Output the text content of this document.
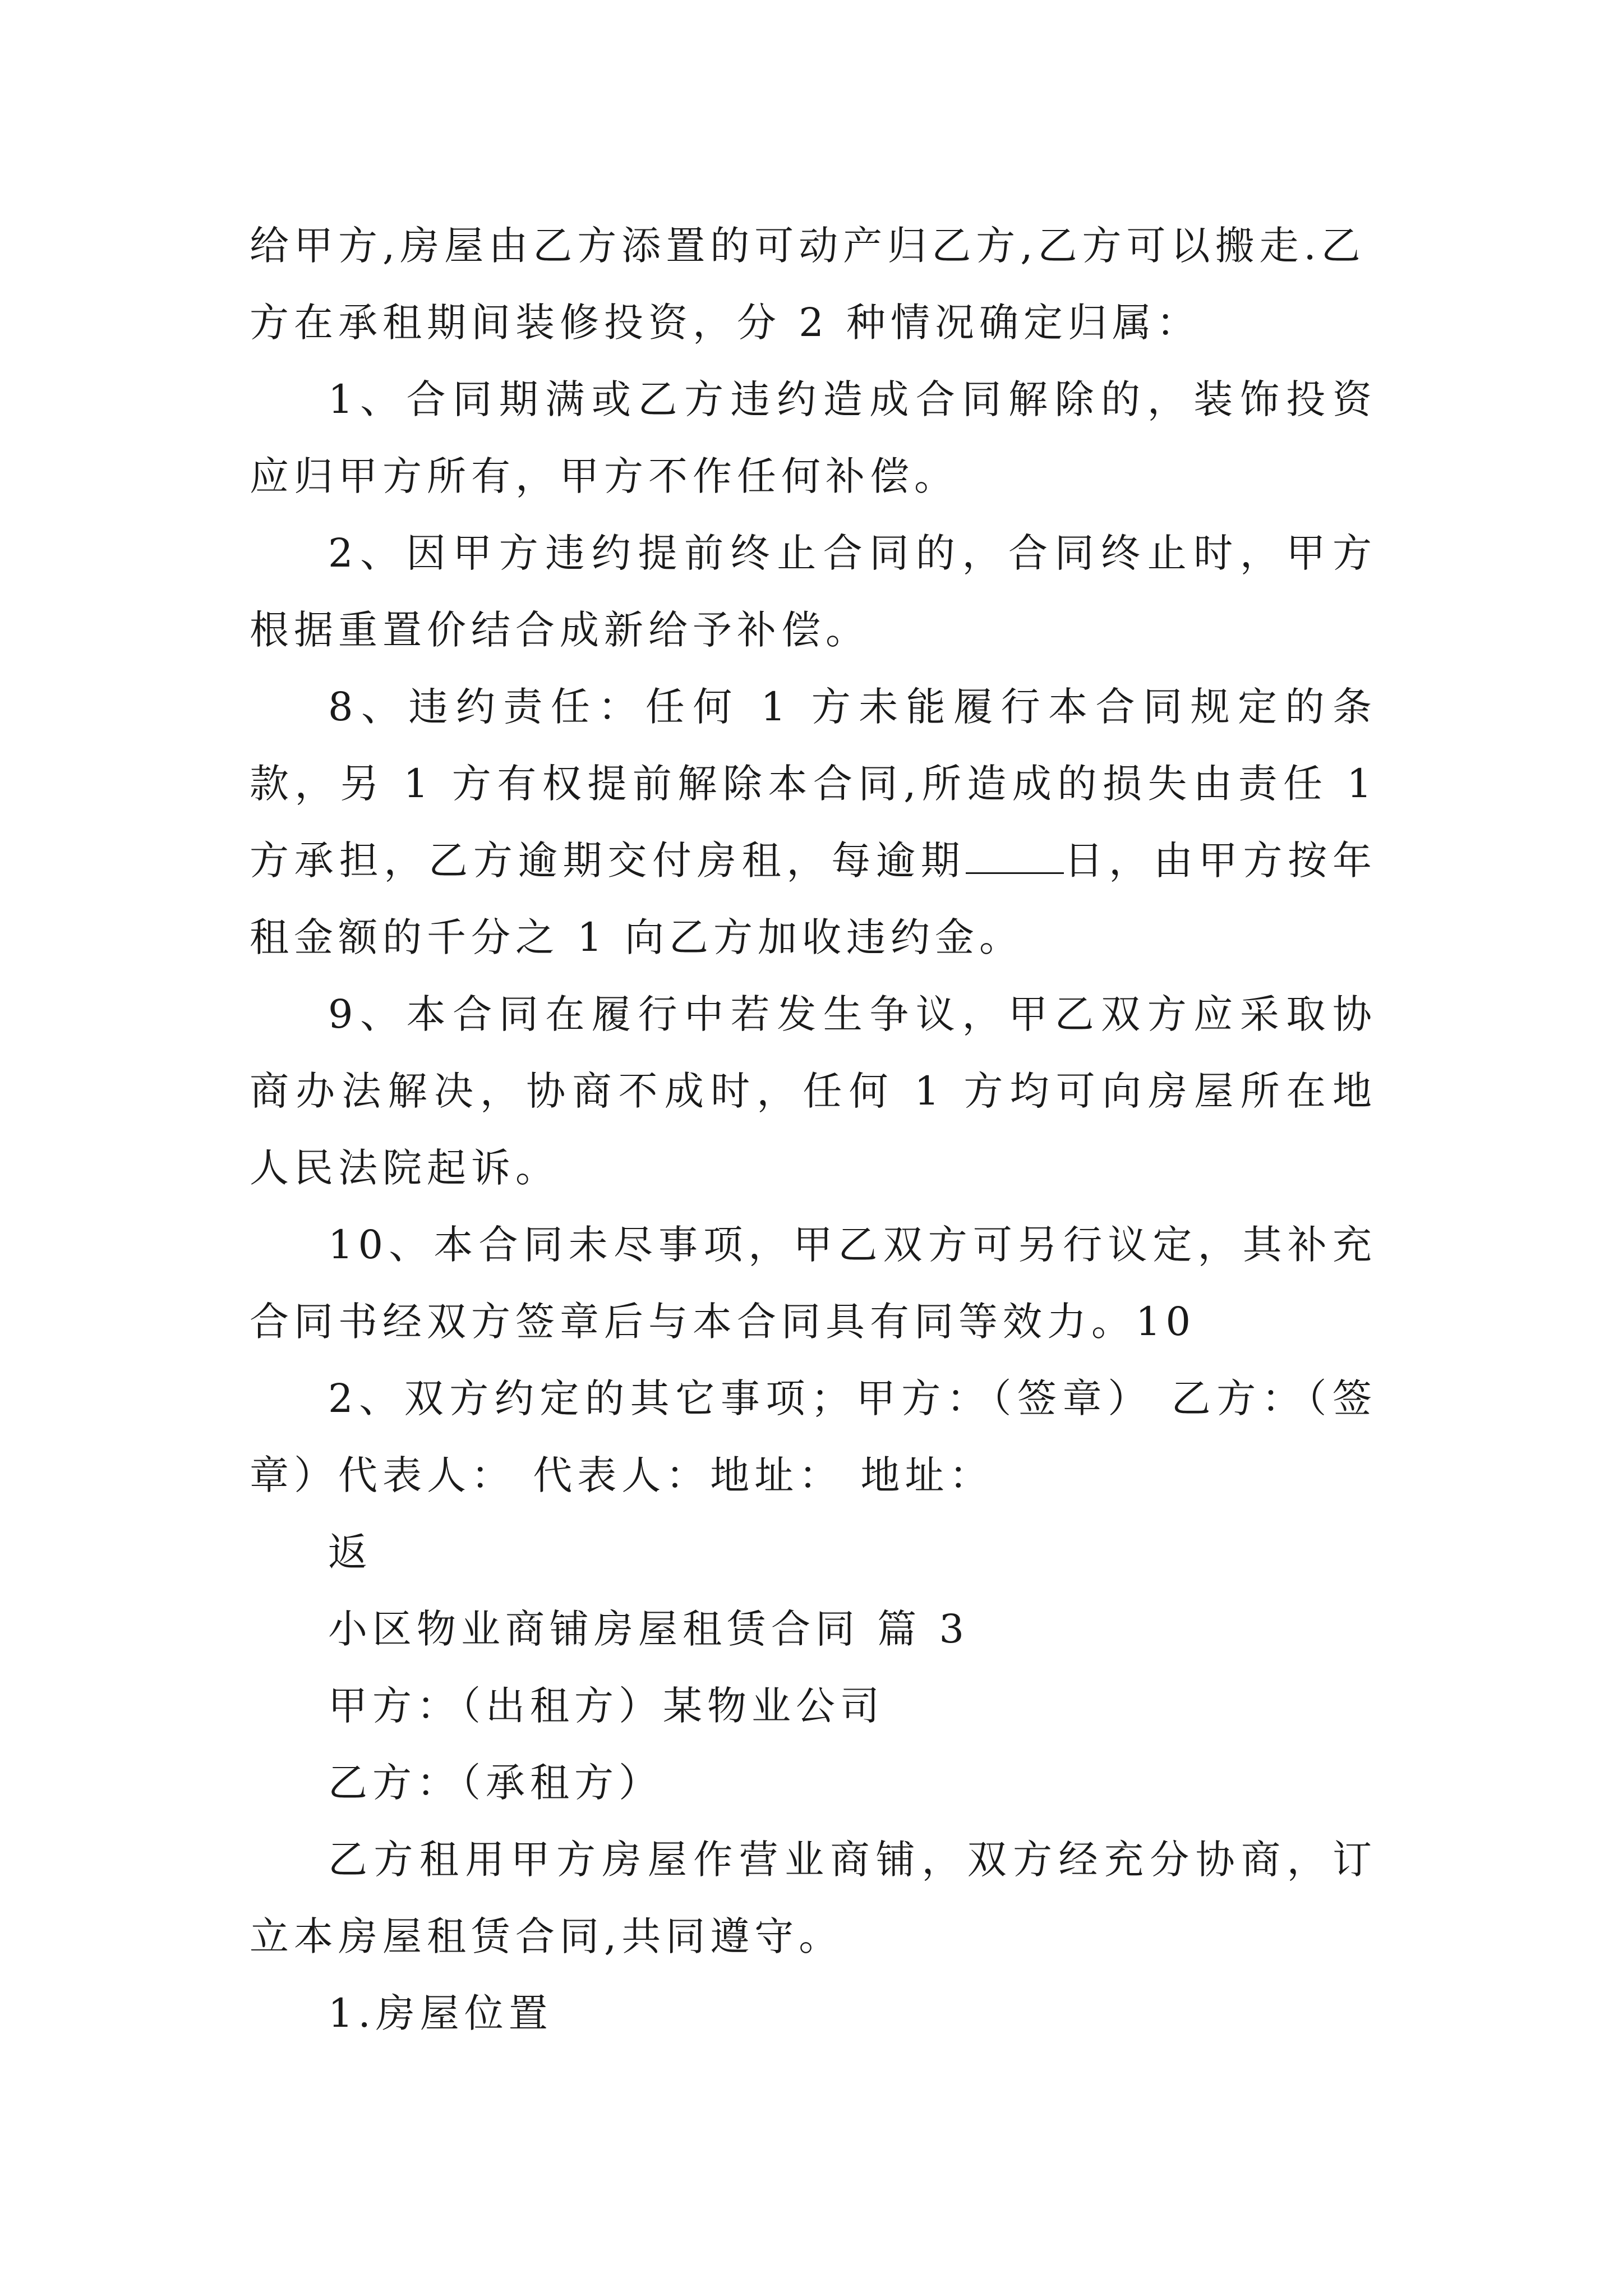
给甲方,房屋由乙方添置的可动产归乙方,乙方可以搬走.乙
方在承租期间装修投资，分 2 种情况确定归属：

1、合同期满或乙方违约造成合同解除的，装饰投资应归甲方所有，甲方不作任何补偿。

2、因甲方违约提前终止合同的，合同终止时，甲方根据重置价结合成新给予补偿。

8、违约责任：任何 1 方未能履行本合同规定的条款，另 1 方有权提前解除本合同,所造成的损失由责任 1 方承担，乙方逾期交付房租，每逾期	日，由甲方按年租金额的千分之 1 向乙方加收违约金。

9、本合同在履行中若发生争议，甲乙双方应采取协商办法解决，协商不成时，任何 1 方均可向房屋所在地人民法院起诉。

10、本合同未尽事项，甲乙双方可另行议定，其补充合同书经双方签章后与本合同具有同等效力。10

2、双方约定的其它事项；甲方：（签章） 乙方：（签章）代表人： 代表人：地址： 地址：

返

小区物业商铺房屋租赁合同 篇 3

甲方：（出租方）某物业公司

乙方：（承租方）

乙方租用甲方房屋作营业商铺，双方经充分协商，订立本房屋租赁合同,共同遵守。

1.房屋位置
